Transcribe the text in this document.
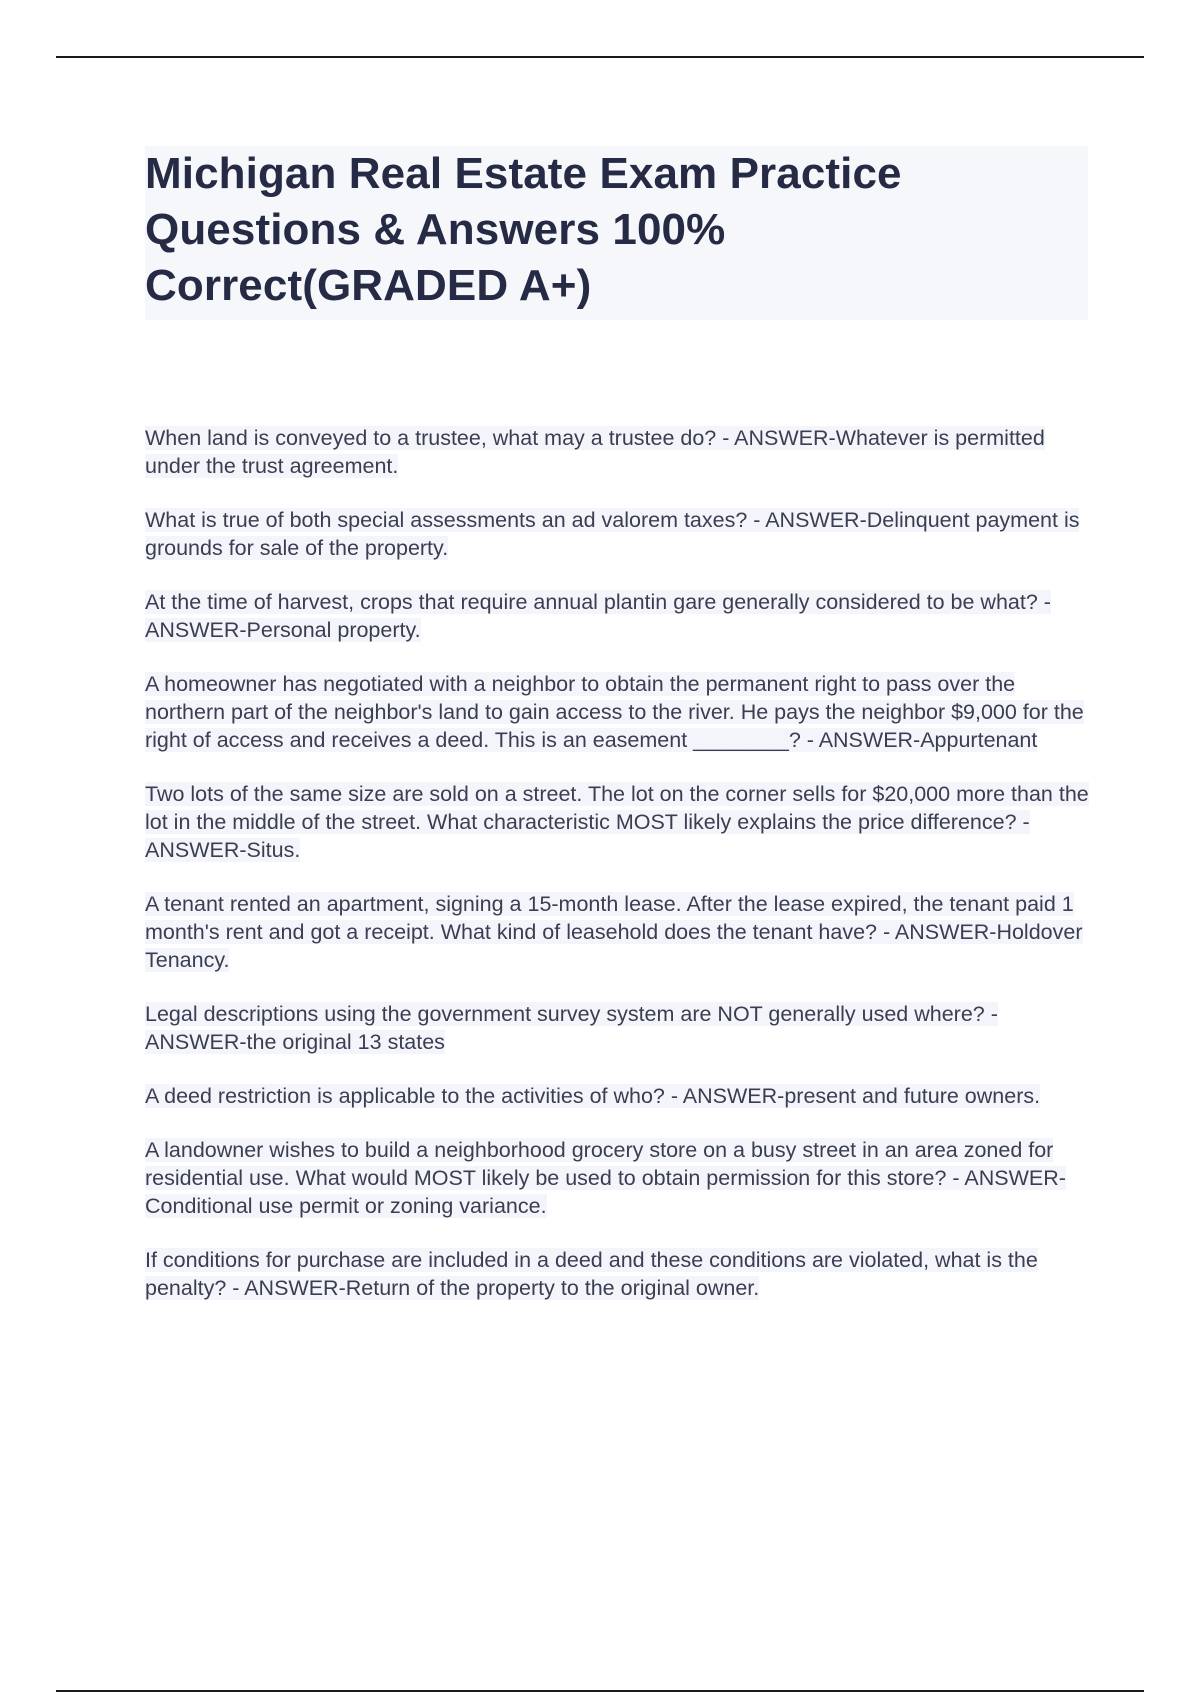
Michigan Real Estate Exam Practice Questions & Answers 100% Correct(GRADED A+)

When land is conveyed to a trustee, what may a trustee do? - ANSWER-Whatever is permitted under the trust agreement.

What is true of both special assessments an ad valorem taxes? - ANSWER-Delinquent payment is grounds for sale of the property.

At the time of harvest, crops that require annual plantin gare generally considered to be what? - ANSWER-Personal property.

A homeowner has negotiated with a neighbor to obtain the permanent right to pass over the northern part of the neighbor's land to gain access to the river. He pays the neighbor $9,000 for the right of access and receives a deed. This is an easement ________? - ANSWER-Appurtenant

Two lots of the same size are sold on a street. The lot on the corner sells for $20,000 more than the lot in the middle of the street. What characteristic MOST likely explains the price difference? - ANSWER-Situs.

A tenant rented an apartment, signing a 15-month lease. After the lease expired, the tenant paid 1 month's rent and got a receipt. What kind of leasehold does the tenant have? - ANSWER-Holdover Tenancy.

Legal descriptions using the government survey system are NOT generally used where? - ANSWER-the original 13 states

A deed restriction is applicable to the activities of who? - ANSWER-present and future owners.

A landowner wishes to build a neighborhood grocery store on a busy street in an area zoned for residential use. What would MOST likely be used to obtain permission for this store? - ANSWER-Conditional use permit or zoning variance.

If conditions for purchase are included in a deed and these conditions are violated, what is the penalty? - ANSWER-Return of the property to the original owner.
